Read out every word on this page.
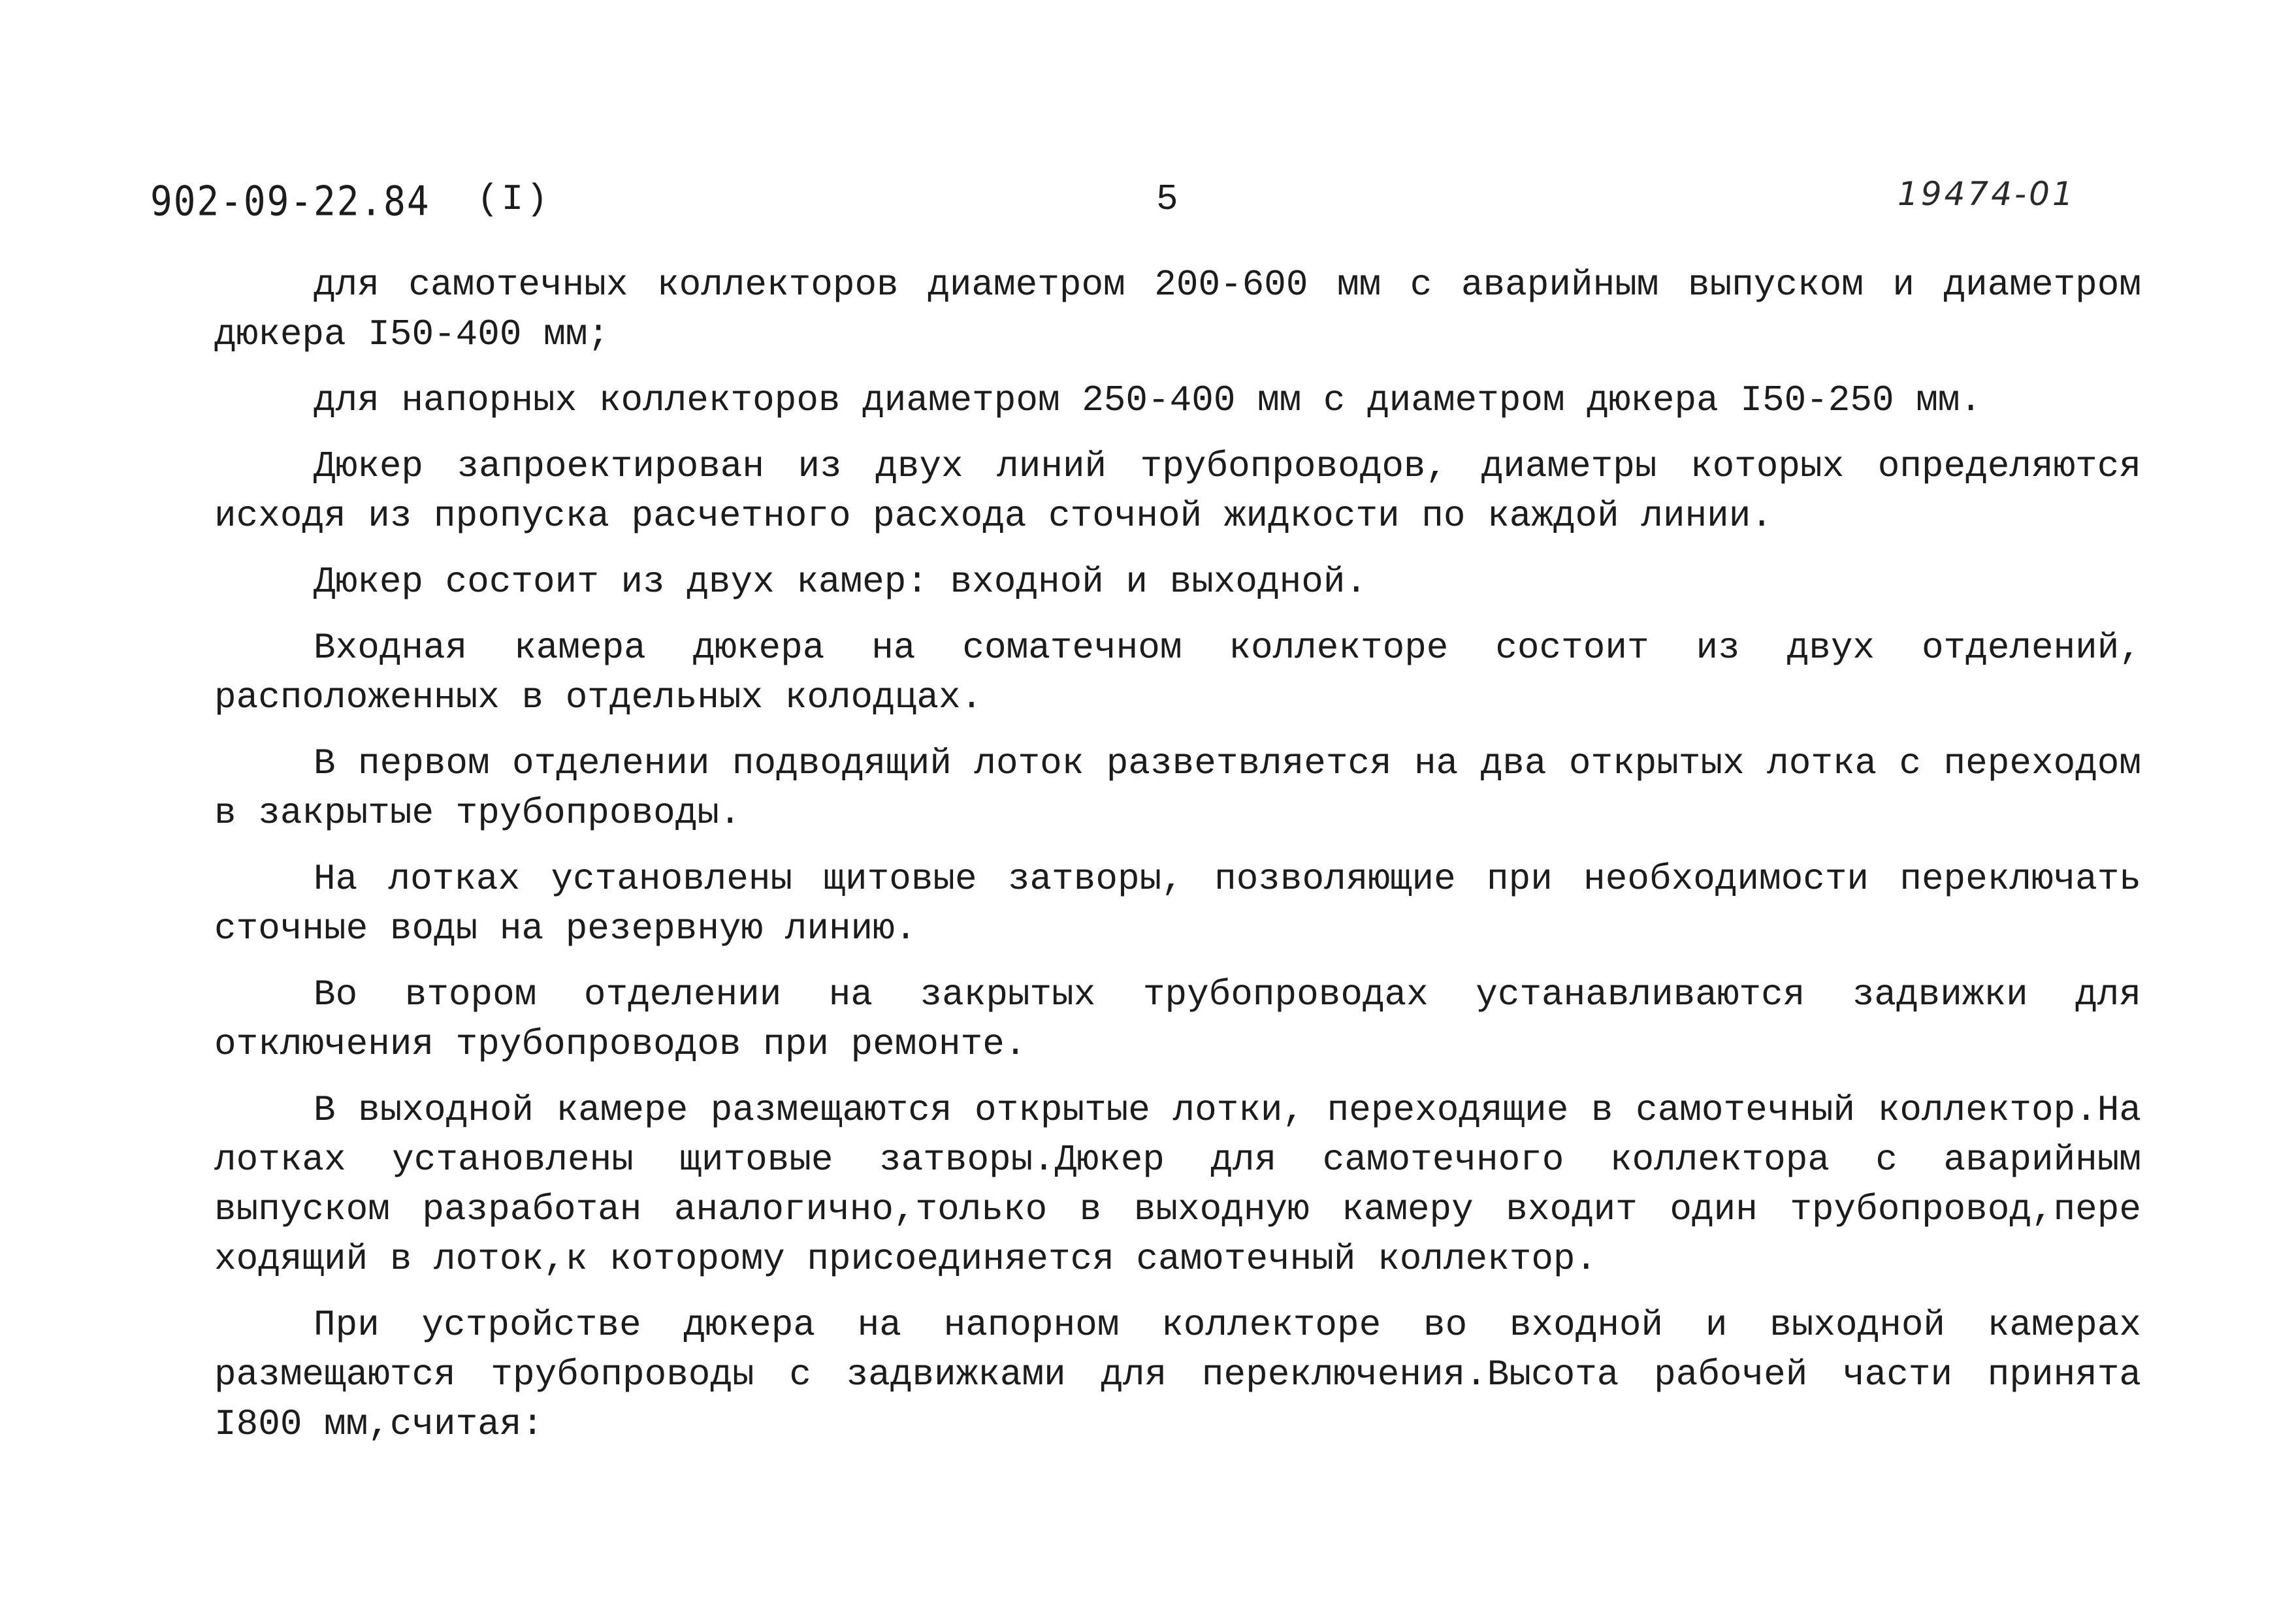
902-09-22.84 (I)	5	19474-01

для самотечных коллекторов диаметром 200-600 мм с аварийным выпуском и диаметром дюкера I50-400 мм;

для напорных коллекторов диаметром 250-400 мм с диаметром дюкера I50-250 мм.

Дюкер запроектирован из двух линий трубопроводов, диаметры которых определяются исходя из пропуска расчетного расхода сточной жидкости по каждой линии.

Дюкер состоит из двух камер: входной и выходной.

Входная камера дюкера на соматечном коллекторе состоит из двух отделений, расположенных в отдельных колодцах.

В первом отделении подводящий лоток разветвляется на два открытых лотка с переходом в закрытые трубопроводы.

На лотках установлены щитовые затворы, позволяющие при необходимости переключать сточные воды на резервную линию.

Во втором отделении на закрытых трубопроводах устанавливаются задвижки для отключения трубопроводов при ремонте.

В выходной камере размещаются открытые лотки, переходящие в самотечный коллектор.На лотках установлены щитовые затворы.Дюкер для самотечного коллектора с аварийным выпуском разработан аналогично,только в выходную камеру входит один трубопровод,пере ходящий в лоток,к которому присоединяется самотечный коллектор.

При устройстве дюкера на напорном коллекторе во входной и выходной камерах размещаются трубопроводы с задвижками для переключения.Высота рабочей части принята I800 мм,считая:
